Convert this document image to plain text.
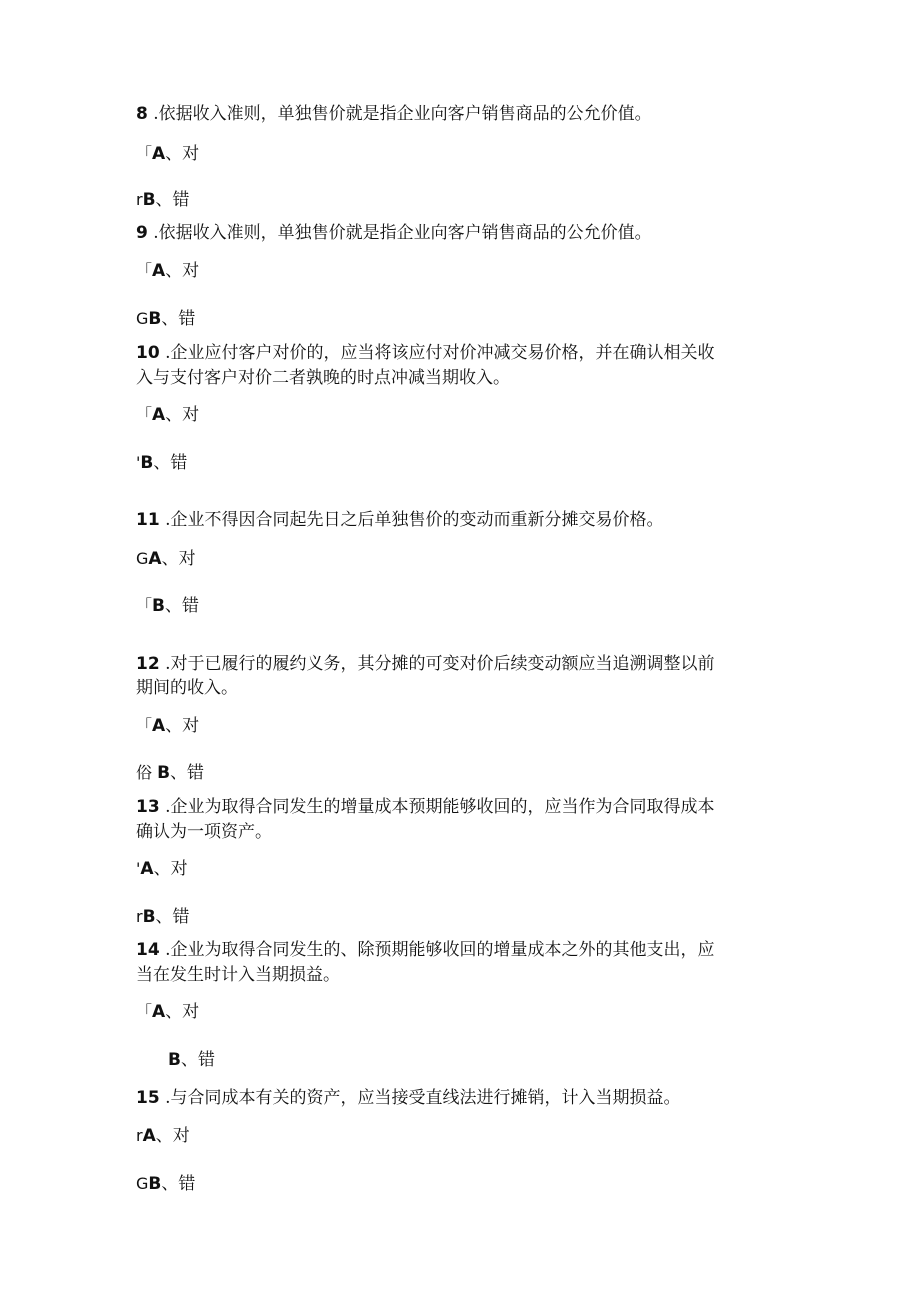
8 .依据收入准则，单独售价就是指企业向客户销售商品的公允价值。
「A、对
rB、错
9 .依据收入准则，单独售价就是指企业向客户销售商品的公允价值。
「A、对
GB、错
10 .企业应付客户对价的，应当将该应付对价冲减交易价格，并在确认相关收
入与支付客户对价二者孰晚的时点冲减当期收入。
「A、对
'B、错
11 .企业不得因合同起先日之后单独售价的变动而重新分摊交易价格。
GA、对
「B、错
12 .对于已履行的履约义务，其分摊的可变对价后续变动额应当追溯调整以前
期间的收入。
「A、对
俗 B、错
13 .企业为取得合同发生的增量成本预期能够收回的，应当作为合同取得成本
确认为一项资产。
'A、对
rB、错
14 .企业为取得合同发生的、除预期能够收回的增量成本之外的其他支出，应
当在发生时计入当期损益。
「A、对
B、错
15 .与合同成本有关的资产，应当接受直线法进行摊销，计入当期损益。
rA、对
GB、错
